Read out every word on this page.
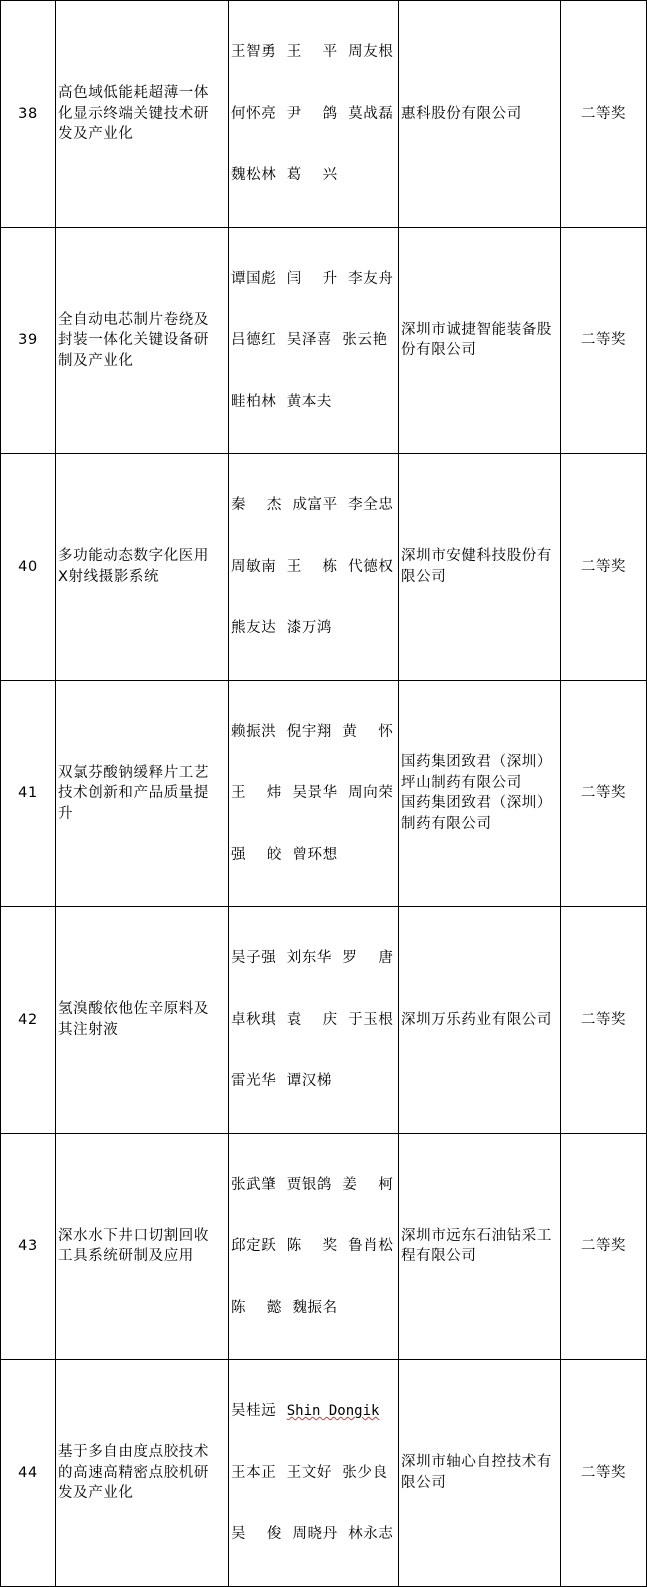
38	高色域低能耗超薄一体
化显示终端关键技术研
发及产业化	王智勇  王    平  周友根

何怀亮  尹    鸽  莫战磊

魏松林  葛    兴	惠科股份有限公司	二等奖
39	全自动电芯制片卷绕及
封装一体化关键设备研
制及产业化	谭国彪  闫    升  李友舟

吕德红  吴泽喜  张云艳

畦柏林  黄本夫	深圳市诚捷智能装备股
份有限公司	二等奖
40	多功能动态数字化医用
X射线摄影系统	秦    杰  成富平  李全忠

周敏南  王    栋  代德权

熊友达  漆万鸿	深圳市安健科技股份有
限公司	二等奖
41	双氯芬酸钠缓释片工艺
技术创新和产品质量提
升	赖振洪  倪宇翔  黄    怀

王    炜  吴景华  周向荣

强    皎  曾环想	国药集团致君（深圳）
坪山制药有限公司
国药集团致君（深圳）
制药有限公司	二等奖
42	氢溴酸依他佐辛原料及
其注射液	吴子强  刘东华  罗    唐

卓秋琪  袁    庆  于玉根

雷光华  谭汉梯	深圳万乐药业有限公司	二等奖
43	深水水下井口切割回收
工具系统研制及应用	张武肇  贾银鸽  姜    柯

邱定跃  陈    奖  鲁肖松

陈    懿  魏振名	深圳市远东石油钻采工
程有限公司	二等奖
44	基于多自由度点胶技术
的高速高精密点胶机研
发及产业化	吴桂远  Shin Dongik

王本正  王文好  张少良

吴    俊  周晓丹  林永志	深圳市轴心自控技术有
限公司	二等奖
